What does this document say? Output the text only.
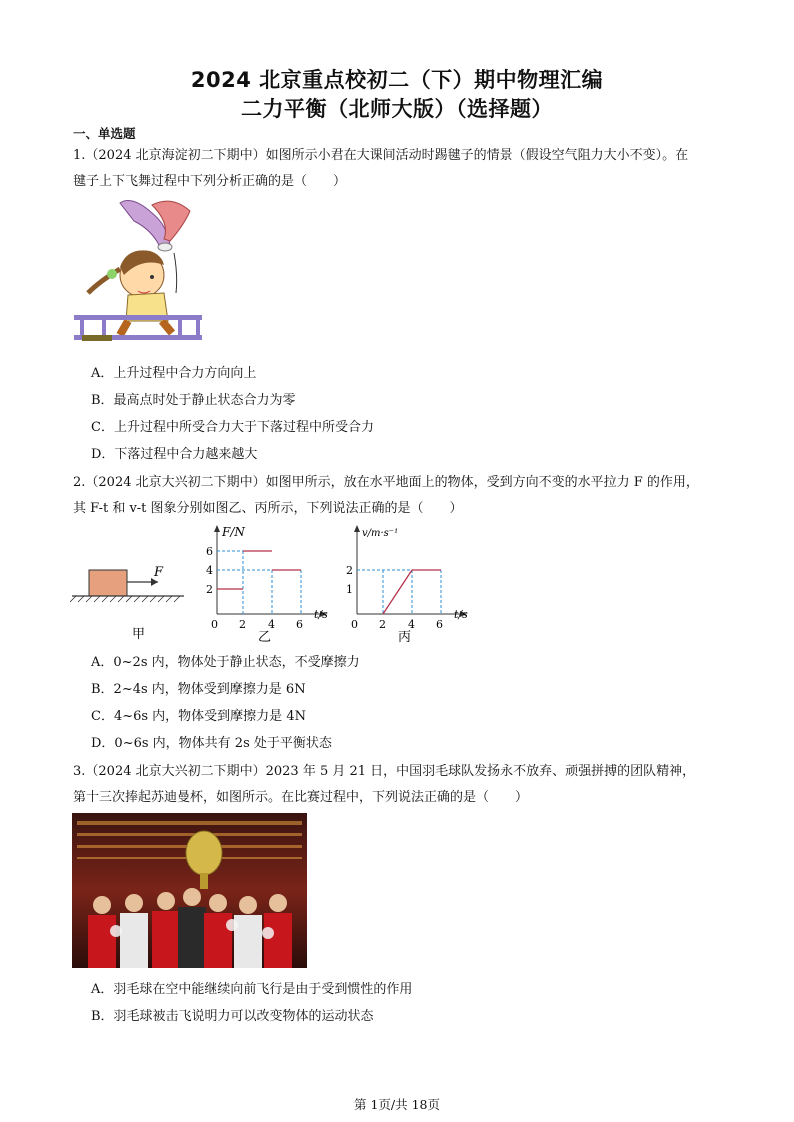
2024 北京重点校初二（下）期中物理汇编
二力平衡（北师大版）（选择题）
一、单选题
1.（2024 北京海淀初二下期中）如图所示小君在大课间活动时踢毽子的情景（假设空气阻力大小不变）。在
毽子上下飞舞过程中下列分析正确的是（　　）
A．上升过程中合力方向向上
B．最高点时处于静止状态合力为零
C．上升过程中所受合力大于下落过程中所受合力
D．下落过程中合力越来越大
2.（2024 北京大兴初二下期中）如图甲所示，放在水平地面上的物体，受到方向不变的水平拉力 F 的作用，
其 F-t 和 v-t 图象分别如图乙、丙所示，下列说法正确的是（　　）
F
甲
F/N
t/s
6
4
2
0 2 4 6
乙
v/m·s⁻¹
t/s
2
1
0 2 4 6
丙
A．0~2s 内，物体处于静止状态，不受摩擦力
B．2~4s 内，物体受到摩擦力是 6N
C．4~6s 内，物体受到摩擦力是 4N
D．0~6s 内，物体共有 2s 处于平衡状态
3.（2024 北京大兴初二下期中）2023 年 5 月 21 日，中国羽毛球队发扬永不放弃、顽强拼搏的团队精神，
第十三次捧起苏迪曼杯，如图所示。在比赛过程中，下列说法正确的是（　　）
A．羽毛球在空中能继续向前飞行是由于受到惯性的作用
B．羽毛球被击飞说明力可以改变物体的运动状态
第 1页/共 18页
